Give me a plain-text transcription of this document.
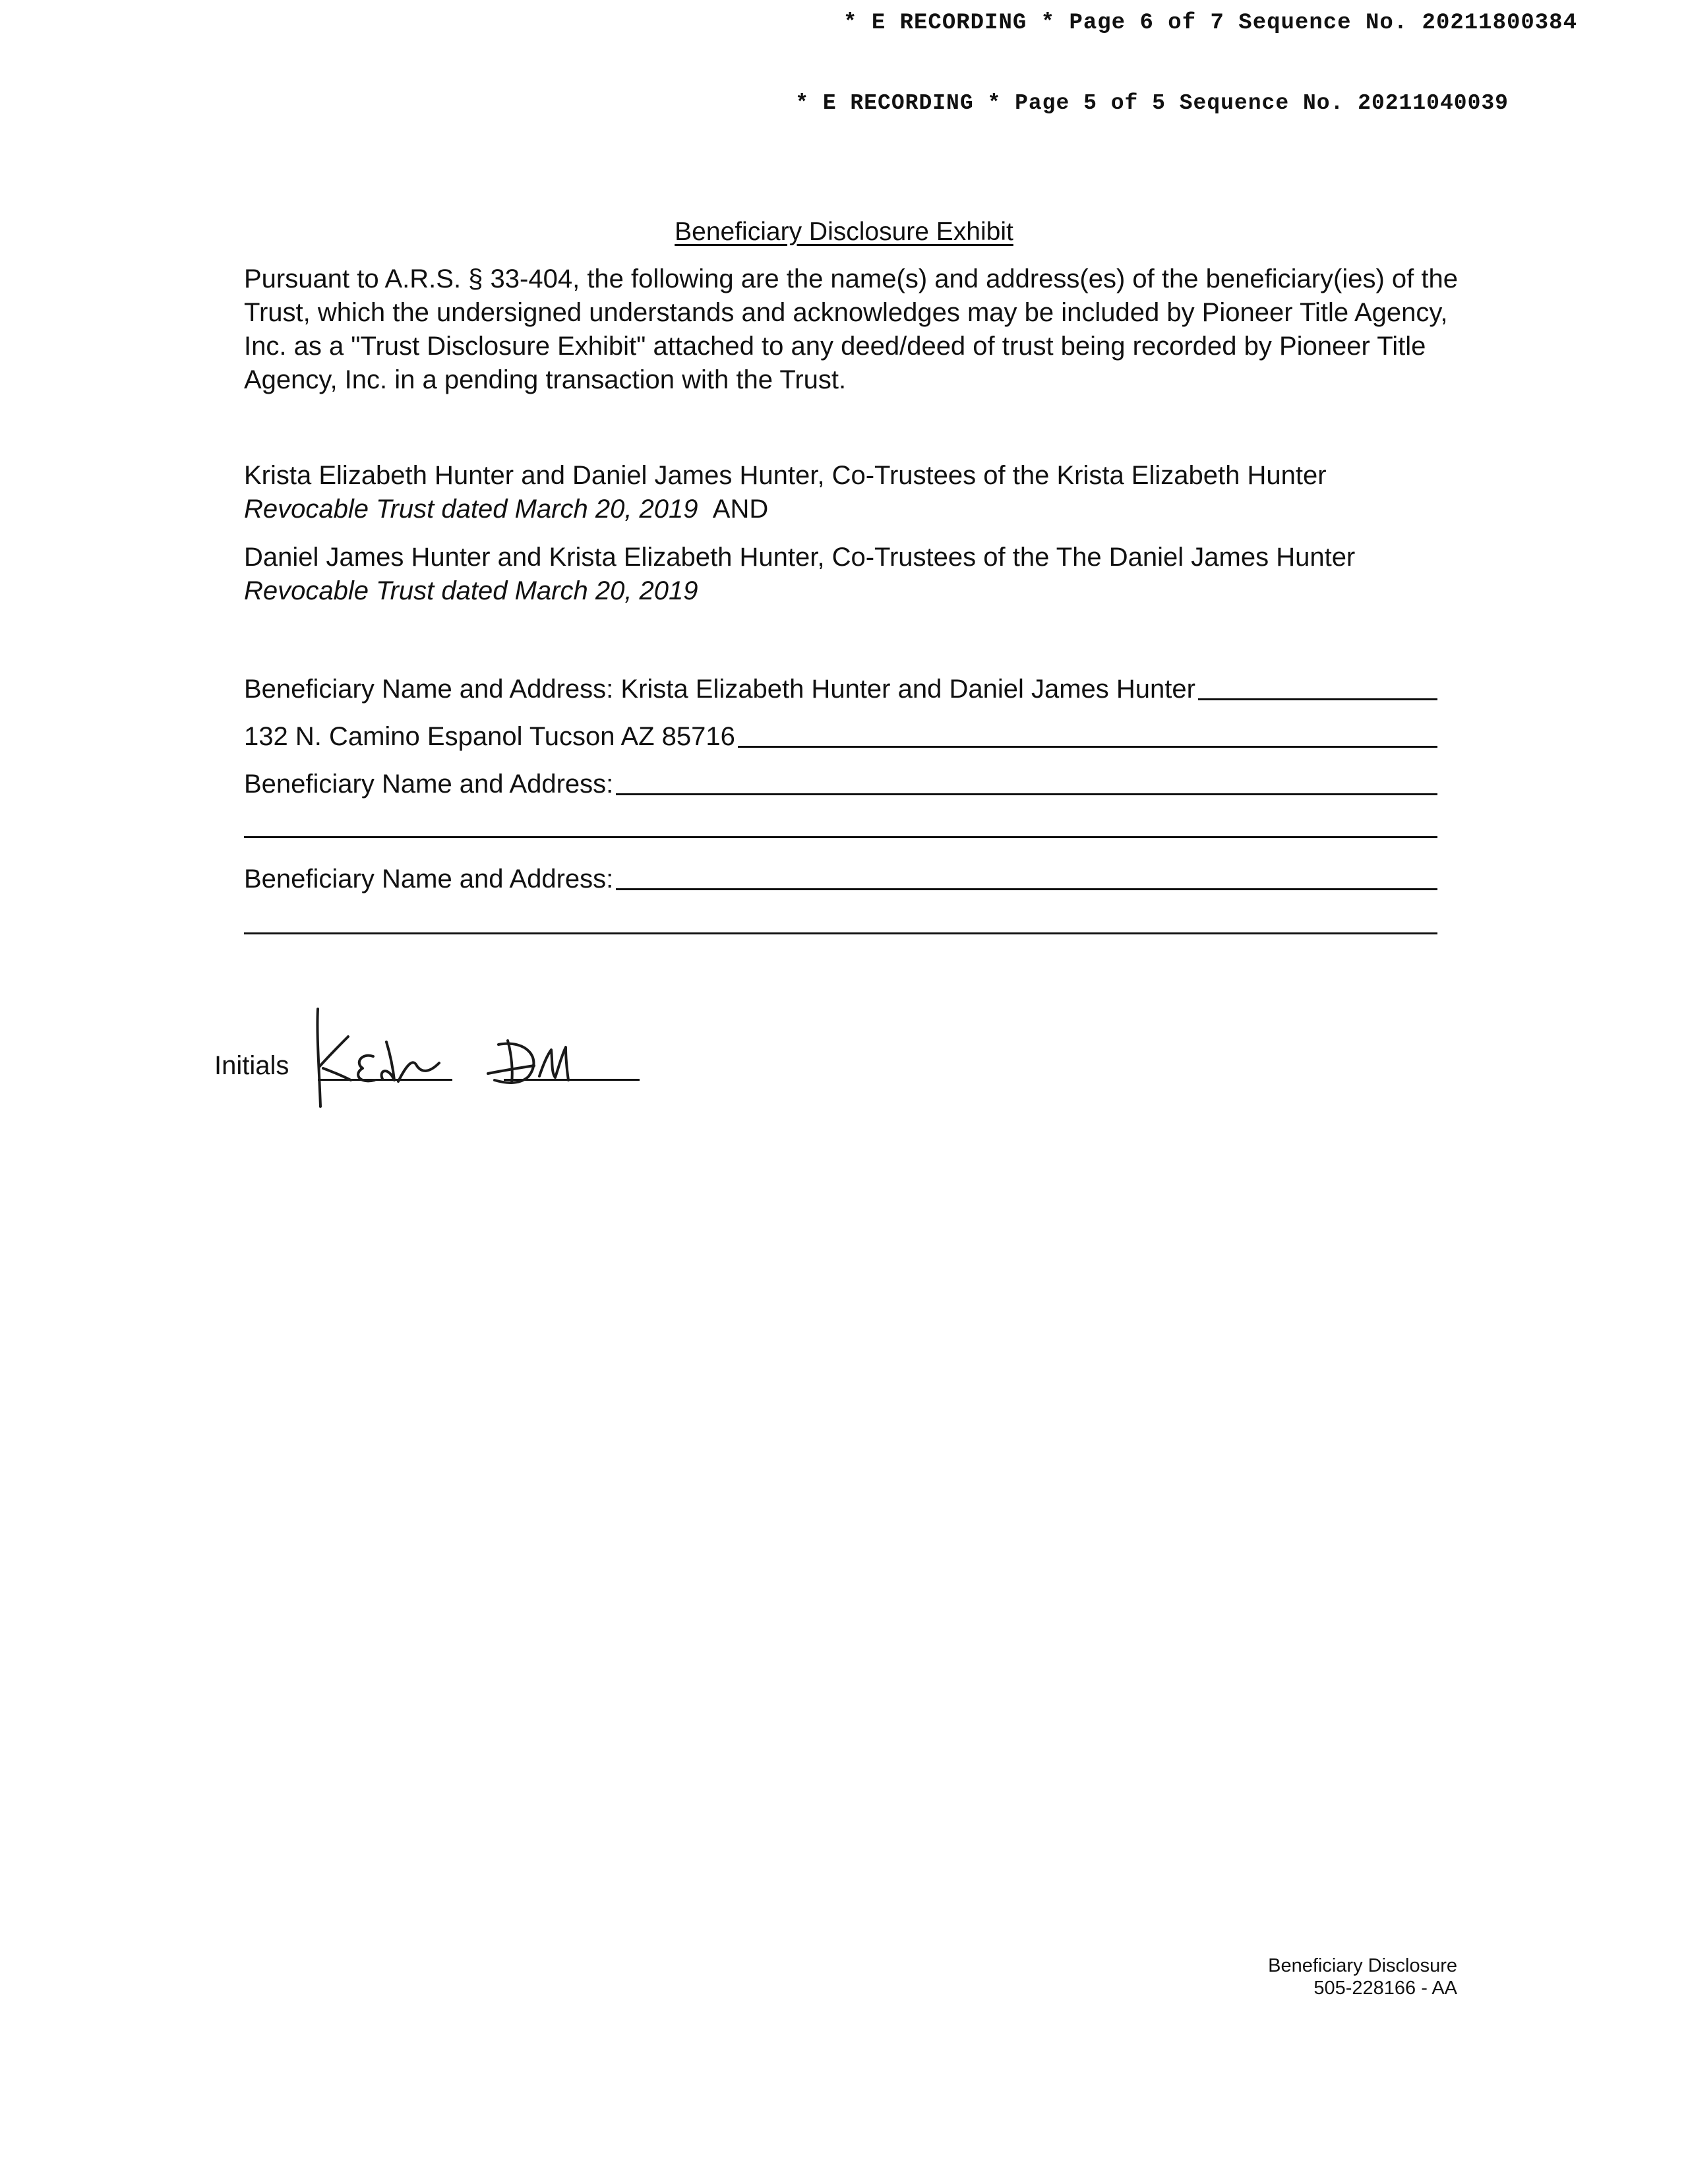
* E RECORDING * Page 6 of 7 Sequence No. 20211800384
* E RECORDING * Page 5 of 5 Sequence No. 20211040039
Beneficiary Disclosure Exhibit
Pursuant to A.R.S. § 33-404, the following are the name(s) and address(es) of the beneficiary(ies) of the Trust, which the undersigned understands and acknowledges may be included by Pioneer Title Agency, Inc. as a "Trust Disclosure Exhibit" attached to any deed/deed of trust being recorded by Pioneer Title Agency, Inc. in a pending transaction with the Trust.
Krista Elizabeth Hunter and Daniel James Hunter, Co-Trustees of the Krista Elizabeth Hunter
Revocable Trust dated March 20, 2019 AND
Daniel James Hunter and Krista Elizabeth Hunter, Co-Trustees of the The Daniel James Hunter
Revocable Trust dated March 20, 2019
Beneficiary Name and Address: Krista Elizabeth Hunter and Daniel James Hunter
132 N. Camino Espanol Tucson AZ 85716
Beneficiary Name and Address:
Beneficiary Name and Address:
Initials
Beneficiary Disclosure
505-228166 - AA
